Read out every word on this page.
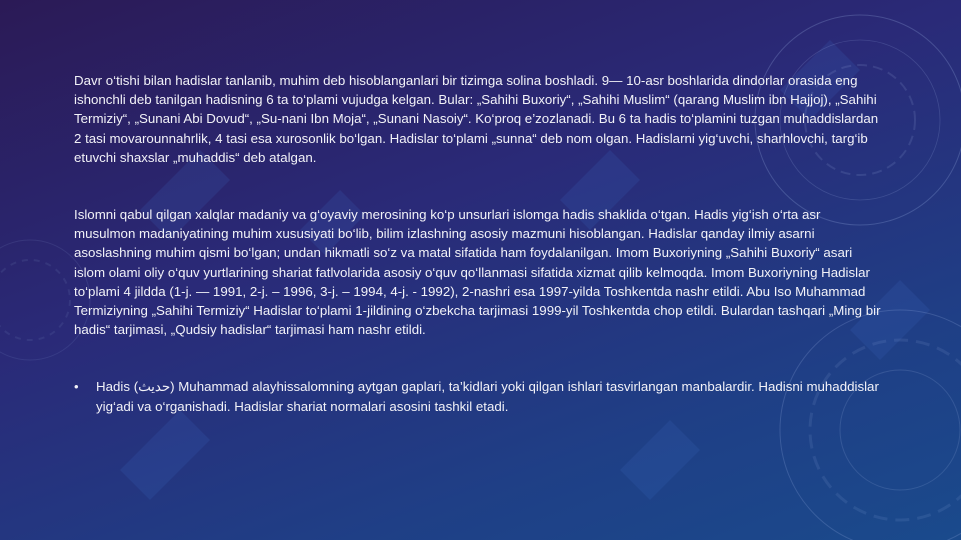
Davr o‘tishi bilan hadislar tanlanib, muhim deb hisoblanganlari bir tizimga solina boshladi. 9— 10-asr boshlarida dindorlar orasida eng ishonchli deb tanilgan hadisning 6 ta to‘plami vujudga kelgan. Bular: „Sahihi Buxoriy“, „Sahihi Muslim“ (qarang Muslim ibn Hajjoj), „Sahihi Termiziy“, „Sunani Abi Dovud“, „Su-nani Ibn Moja“, „Sunani Nasoiy“. Ko‘proq e’zozlanadi. Bu 6 ta hadis to‘plamini tuzgan muhaddislardan 2 tasi movarounnahrlik, 4 tasi esa xurosonlik bo‘lgan. Hadislar to‘plami „sunna“ deb nom olgan. Hadislarni yig‘uvchi, sharhlovchi, targ‘ib etuvchi shaxslar „muhaddis“ deb atalgan.

Islomni qabul qilgan xalqlar madaniy va g‘oyaviy merosining ko‘p unsurlari islomga hadis shaklida o‘tgan. Hadis yig‘ish o‘rta asr musulmon madaniyatining muhim xususiyati bo‘lib, bilim izlashning asosiy mazmuni hisoblangan. Hadislar qanday ilmiy asarni asoslashning muhim qismi bo‘lgan; undan hikmatli so‘z va matal sifatida ham foydalanilgan. Imom Buxoriyning „Sahihi Buxoriy“ asari islom olami oliy o‘quv yurtlarining shariat fatlvolarida asosiy o‘quv qo‘llanmasi sifatida xizmat qilib kelmoqda. Imom Buxoriyning Hadislar to‘plami 4 jildda (1-j. — 1991, 2-j. – 1996, 3-j. – 1994, 4-j. - 1992), 2-nashri esa 1997-yilda Toshkentda nashr etildi. Abu Iso Muhammad Termiziyning „Sahihi Termiziy“ Hadislar to‘plami 1-jildining o‘zbekcha tarjimasi 1999-yil Toshkentda chop etildi. Bulardan tashqari „Ming bir hadis“ tarjimasi, „Qudsiy hadislar“ tarjimasi ham nashr etildi.

•	Hadis (حديث) Muhammad alayhissalomning aytgan gaplari, ta’kidlari yoki qilgan ishlari tasvirlangan manbalardir. Hadisni muhaddislar yig‘adi va o‘rganishadi. Hadislar shariat normalari asosini tashkil etadi.
